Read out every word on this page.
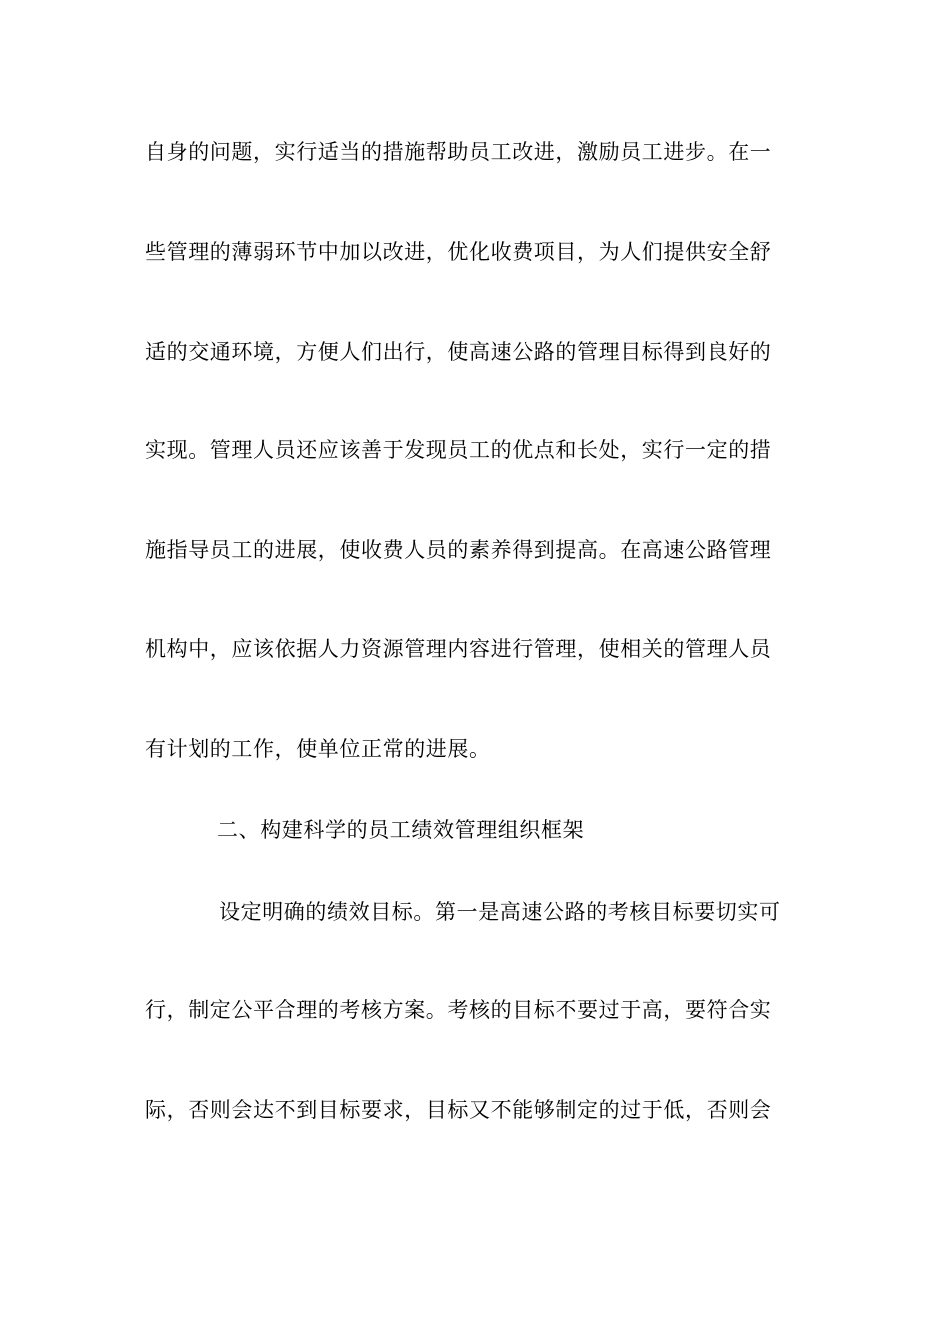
自身的问题，实行适当的措施帮助员工改进，激励员工进步。在一
些管理的薄弱环节中加以改进，优化收费项目，为人们提供安全舒
适的交通环境，方便人们出行，使高速公路的管理目标得到良好的
实现。管理人员还应该善于发现员工的优点和长处，实行一定的措
施指导员工的进展，使收费人员的素养得到提高。在高速公路管理
机构中，应该依据人力资源管理内容进行管理，使相关的管理人员
有计划的工作，使单位正常的进展。
二、构建科学的员工绩效管理组织框架
设定明确的绩效目标。第一是高速公路的考核目标要切实可
行，制定公平合理的考核方案。考核的目标不要过于高，要符合实
际，否则会达不到目标要求，目标又不能够制定的过于低，否则会
